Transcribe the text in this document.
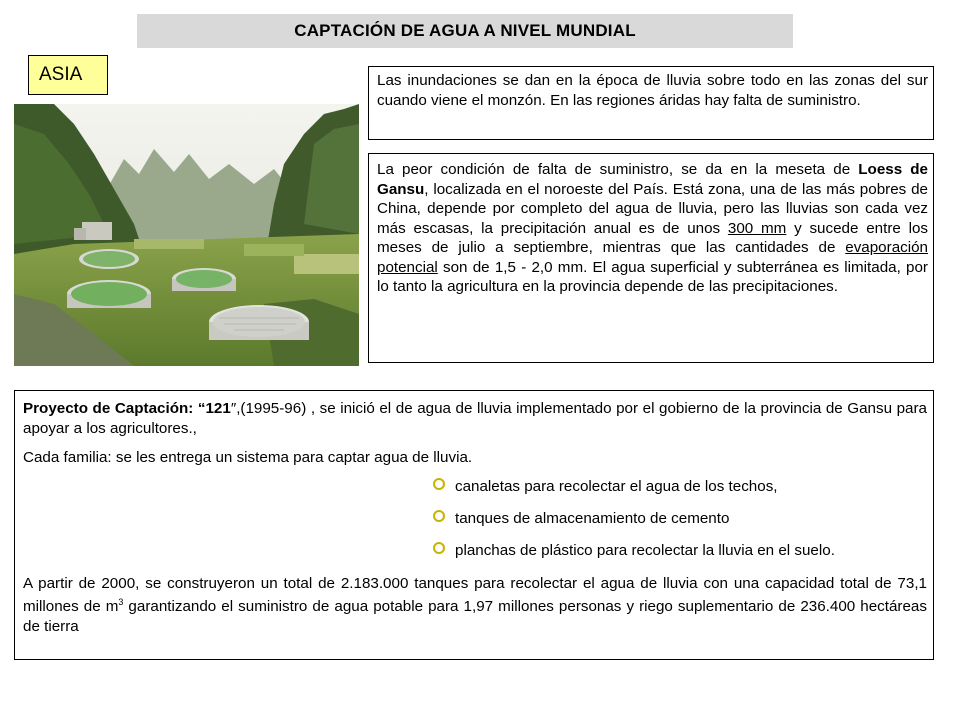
CAPTACIÓN DE AGUA A NIVEL MUNDIAL
ASIA	Las inundaciones se dan en la época de lluvia sobre todo en las zonas del sur cuando viene el monzón. En las regiones áridas hay falta de suministro.

La peor condición de falta de suministro, se da en la meseta de Loess de Gansu, localizada en el noroeste del País. Está zona, una de las más pobres de China, depende por completo del agua de lluvia, pero las lluvias son cada vez más escasas, la precipitación anual es de unos 300 mm y sucede entre los meses de julio a septiembre, mientras que las cantidades de evaporación potencial son de 1,5 - 2,0 mm. El agua superficial y subterránea es limitada, por lo tanto la agricultura en la provincia depende de las precipitaciones.

Proyecto de Captación: “121″,(1995-96) , se inició el de agua de lluvia implementado por el gobierno de la provincia de Gansu para apoyar a los agricultores.,

Cada familia: se les entrega un sistema para captar agua de lluvia.

canaletas para recolectar el agua de los techos,
tanques de almacenamiento de cemento
planchas de plástico para recolectar la lluvia en el suelo.

A partir de 2000, se construyeron un total de 2.183.000 tanques para recolectar el agua de lluvia con una capacidad total de 73,1 millones de $m^3$ garantizando el suministro de agua potable para 1,97 millones personas y riego suplementario de 236.400 hectáreas de tierra
